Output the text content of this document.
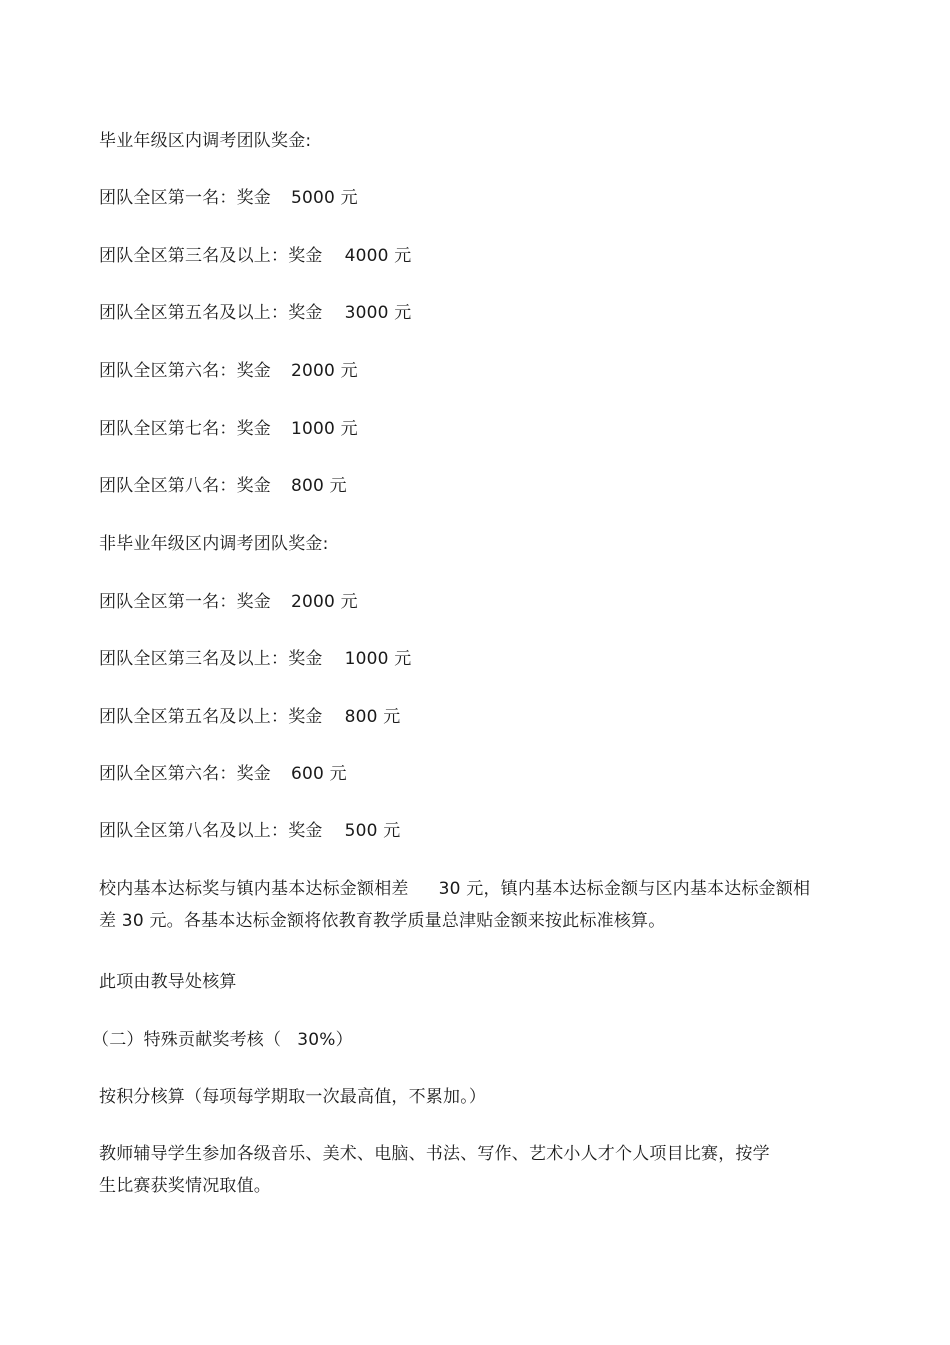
毕业年级区内调考团队奖金:
团队全区第一名：奖金 5000 元
团队全区第三名及以上：奖金 4000 元
团队全区第五名及以上：奖金 3000 元
团队全区第六名：奖金 2000 元
团队全区第七名：奖金 1000 元
团队全区第八名：奖金 800 元
非毕业年级区内调考团队奖金:
团队全区第一名：奖金 2000 元
团队全区第三名及以上：奖金 1000 元
团队全区第五名及以上：奖金 800 元
团队全区第六名：奖金 600 元
团队全区第八名及以上：奖金 500 元
校内基本达标奖与镇内基本达标金额相差 30 元，镇内基本达标金额与区内基本达标金额相
差 30 元。各基本达标金额将依教育教学质量总津贴金额来按此标准核算。
此项由教导处核算
（二）特殊贡献奖考核（ 30%）
按积分核算（每项每学期取一次最高值，不累加。）
教师辅导学生参加各级音乐、美术、电脑、书法、写作、艺术小人才个人项目比赛，按学
生比赛获奖情况取值。
